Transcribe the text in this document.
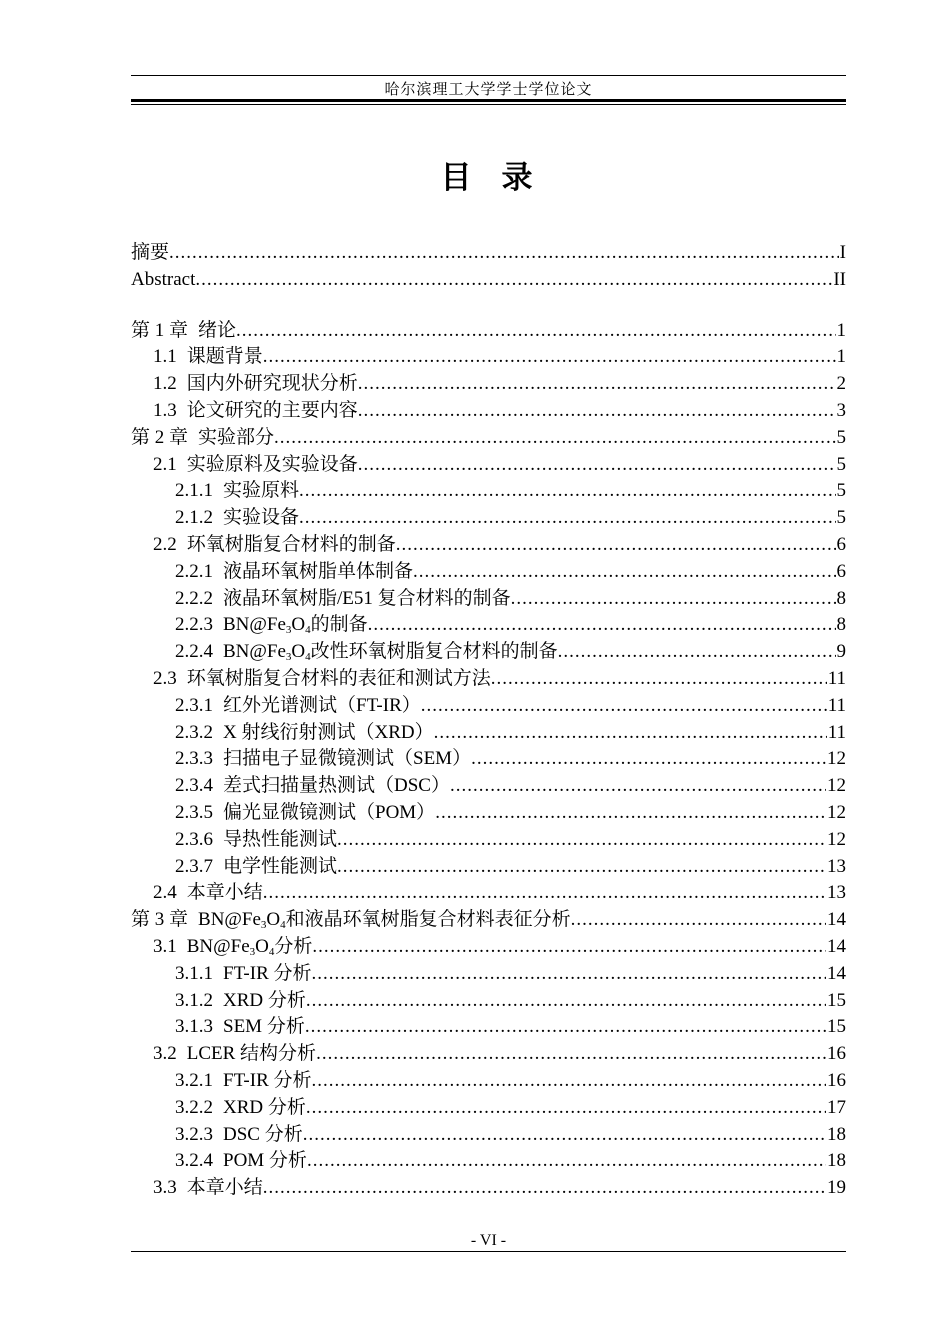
哈尔滨理工大学学士学位论文
目 录
摘要 .....	I
Abstract .....	II
第 1 章 绪论 .....	1
1.1 课题背景 .....	1
1.2 国内外研究现状分析 .....	2
1.3 论文研究的主要内容 .....	3
第 2 章 实验部分 .....	5
2.1 实验原料及实验设备 .....	5
2.1.1 实验原料 .....	5
2.1.2 实验设备 .....	5
2.2 环氧树脂复合材料的制备 .....	6
2.2.1 液晶环氧树脂单体制备 .....	6
2.2.2 液晶环氧树脂/E51 复合材料的制备 .....	8
2.2.3 $BN@Fe_3O_4$的制备 .....	8
2.2.4 $BN@Fe_3O_4$改性环氧树脂复合材料的制备 .....	9
2.3 环氧树脂复合材料的表征和测试方法 .....	11
2.3.1 红外光谱测试（FT-IR） .....	11
2.3.2 X 射线衍射测试（XRD） .....	11
2.3.3 扫描电子显微镜测试（SEM） .....	12
2.3.4 差式扫描量热测试（DSC） .....	12
2.3.5 偏光显微镜测试（POM） .....	12
2.3.6 导热性能测试 .....	12
2.3.7 电学性能测试 .....	13
2.4 本章小结 .....	13
第 3 章 $BN@Fe_3O_4$和液晶环氧树脂复合材料表征分析 .....	14
3.1 $BN@Fe_3O_4$分析 .....	14
3.1.1 FT-IR 分析 .....	14
3.1.2 XRD 分析 .....	15
3.1.3 SEM 分析 .....	15
3.2 LCER 结构分析 .....	16
3.2.1 FT-IR 分析 .....	16
3.2.2 XRD 分析 .....	17
3.2.3 DSC 分析 .....	18
3.2.4 POM 分析 .....	18
3.3 本章小结 .....	19
- VI -
